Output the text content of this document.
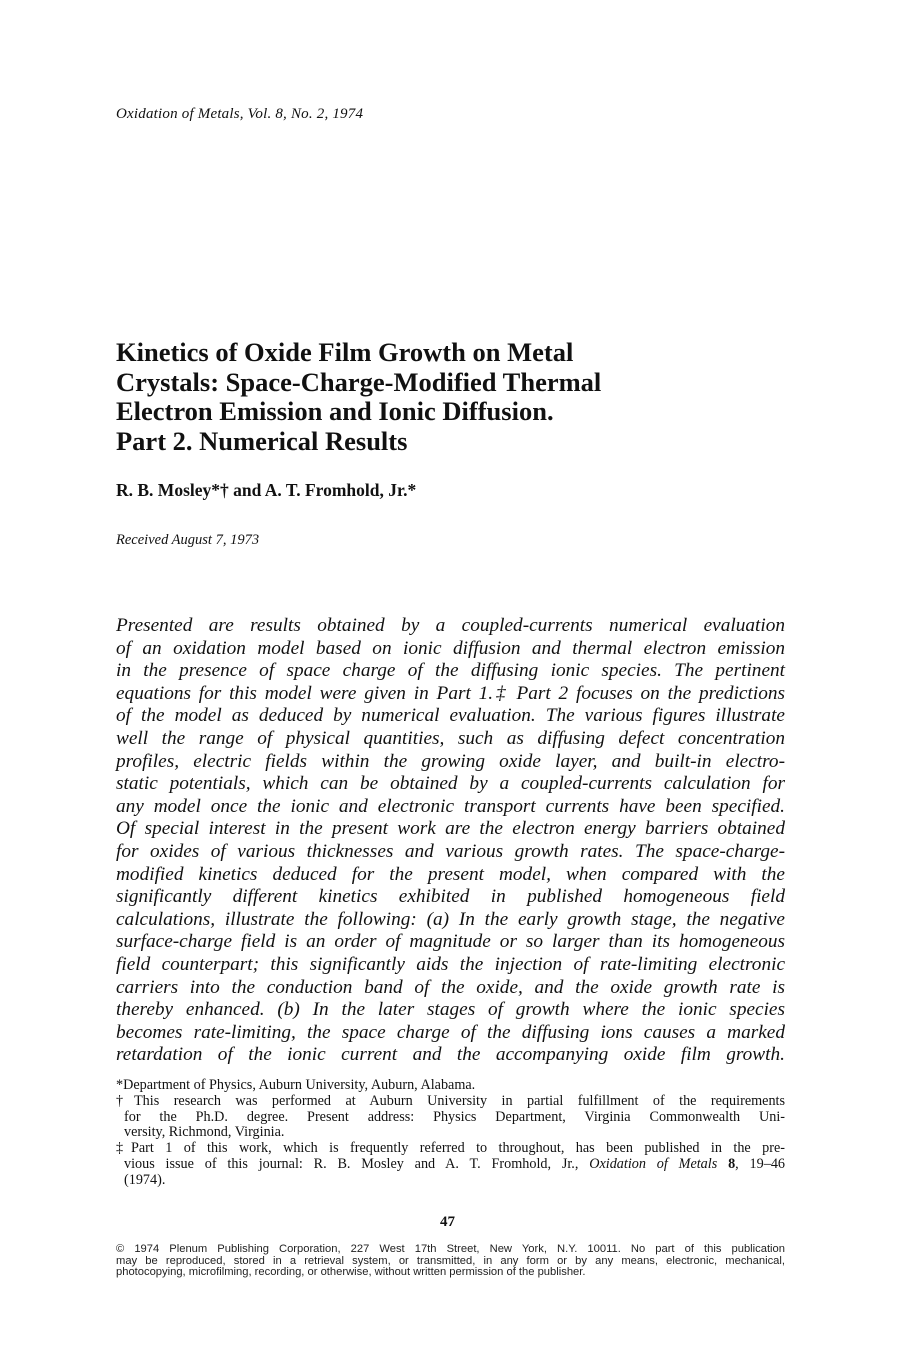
Oxidation of Metals, Vol. 8, No. 2, 1974
Kinetics of Oxide Film Growth on Metal
Crystals: Space-Charge-Modified Thermal
Electron Emission and Ionic Diffusion.
Part 2. Numerical Results
R. B. Mosley*† and A. T. Fromhold, Jr.*
Received August 7, 1973
Presented are results obtained by a coupled-currents numerical evaluation
of an oxidation model based on ionic diffusion and thermal electron emission
in the presence of space charge of the diffusing ionic species. The pertinent
equations for this model were given in Part 1.‡ Part 2 focuses on the predictions
of the model as deduced by numerical evaluation. The various figures illustrate
well the range of physical quantities, such as diffusing defect concentration
profiles, electric fields within the growing oxide layer, and built-in electro-
static potentials, which can be obtained by a coupled-currents calculation for
any model once the ionic and electronic transport currents have been specified.
Of special interest in the present work are the electron energy barriers obtained
for oxides of various thicknesses and various growth rates. The space-charge-
modified kinetics deduced for the present model, when compared with the
significantly different kinetics exhibited in published homogeneous field
calculations, illustrate the following: (a) In the early growth stage, the negative
surface-charge field is an order of magnitude or so larger than its homogeneous
field counterpart; this significantly aids the injection of rate-limiting electronic
carriers into the conduction band of the oxide, and the oxide growth rate is
thereby enhanced. (b) In the later stages of growth where the ionic species
becomes rate-limiting, the space charge of the diffusing ions causes a marked
retardation of the ionic current and the accompanying oxide film growth.
*Department of Physics, Auburn University, Auburn, Alabama.
†This research was performed at Auburn University in partial fulfillment of the requirements
for the Ph.D. degree. Present address: Physics Department, Virginia Commonwealth Uni-
versity, Richmond, Virginia.
‡Part 1 of this work, which is frequently referred to throughout, has been published in the pre-
vious issue of this journal: R. B. Mosley and A. T. Fromhold, Jr., Oxidation of Metals 8, 19–46
(1974).
47
© 1974 Plenum Publishing Corporation, 227 West 17th Street, New York, N.Y. 10011. No part of this publication
may be reproduced, stored in a retrieval system, or transmitted, in any form or by any means, electronic, mechanical,
photocopying, microfilming, recording, or otherwise, without written permission of the publisher.
